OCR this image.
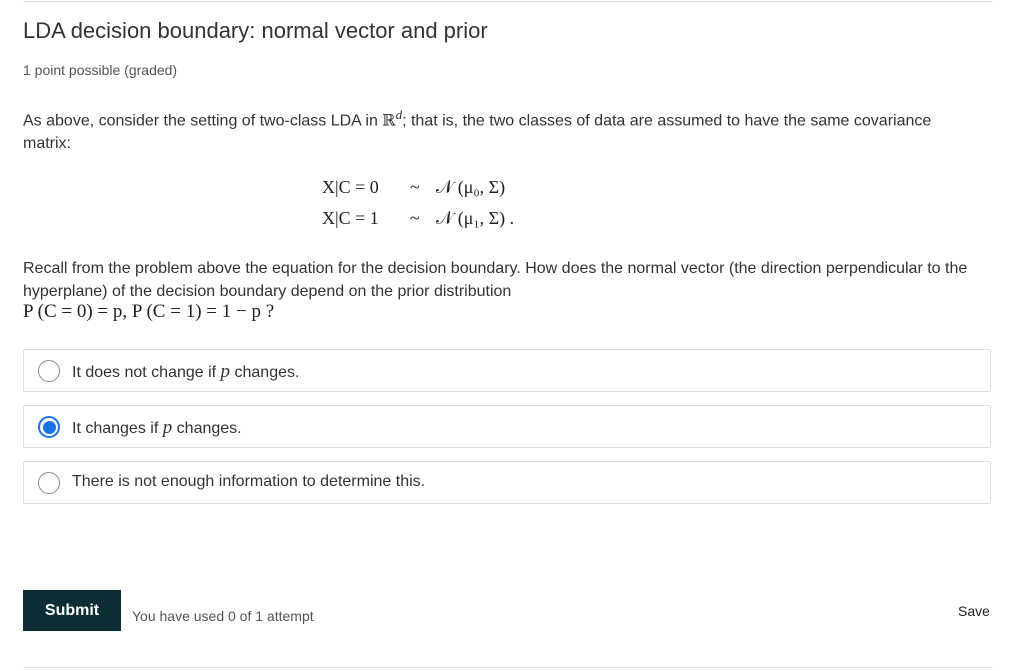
LDA decision boundary: normal vector and prior
1 point possible (graded)
As above, consider the setting of two-class LDA in ℝ$^d$; that is, the two classes of data are assumed to have the same covariance matrix:
X|C = 0 ~ 𝒩 (μ₀, Σ)
X|C = 1 ~ 𝒩 (μ₁, Σ) .
Recall from the problem above the equation for the decision boundary. How does the normal vector (the direction perpendicular to the hyperplane) of the decision boundary depend on the prior distribution
P (C = 0) = p, P (C = 1) = 1 − p ?
It does not change if p changes.
It changes if p changes.
There is not enough information to determine this.
Submit	You have used 0 of 1 attempt	Save
